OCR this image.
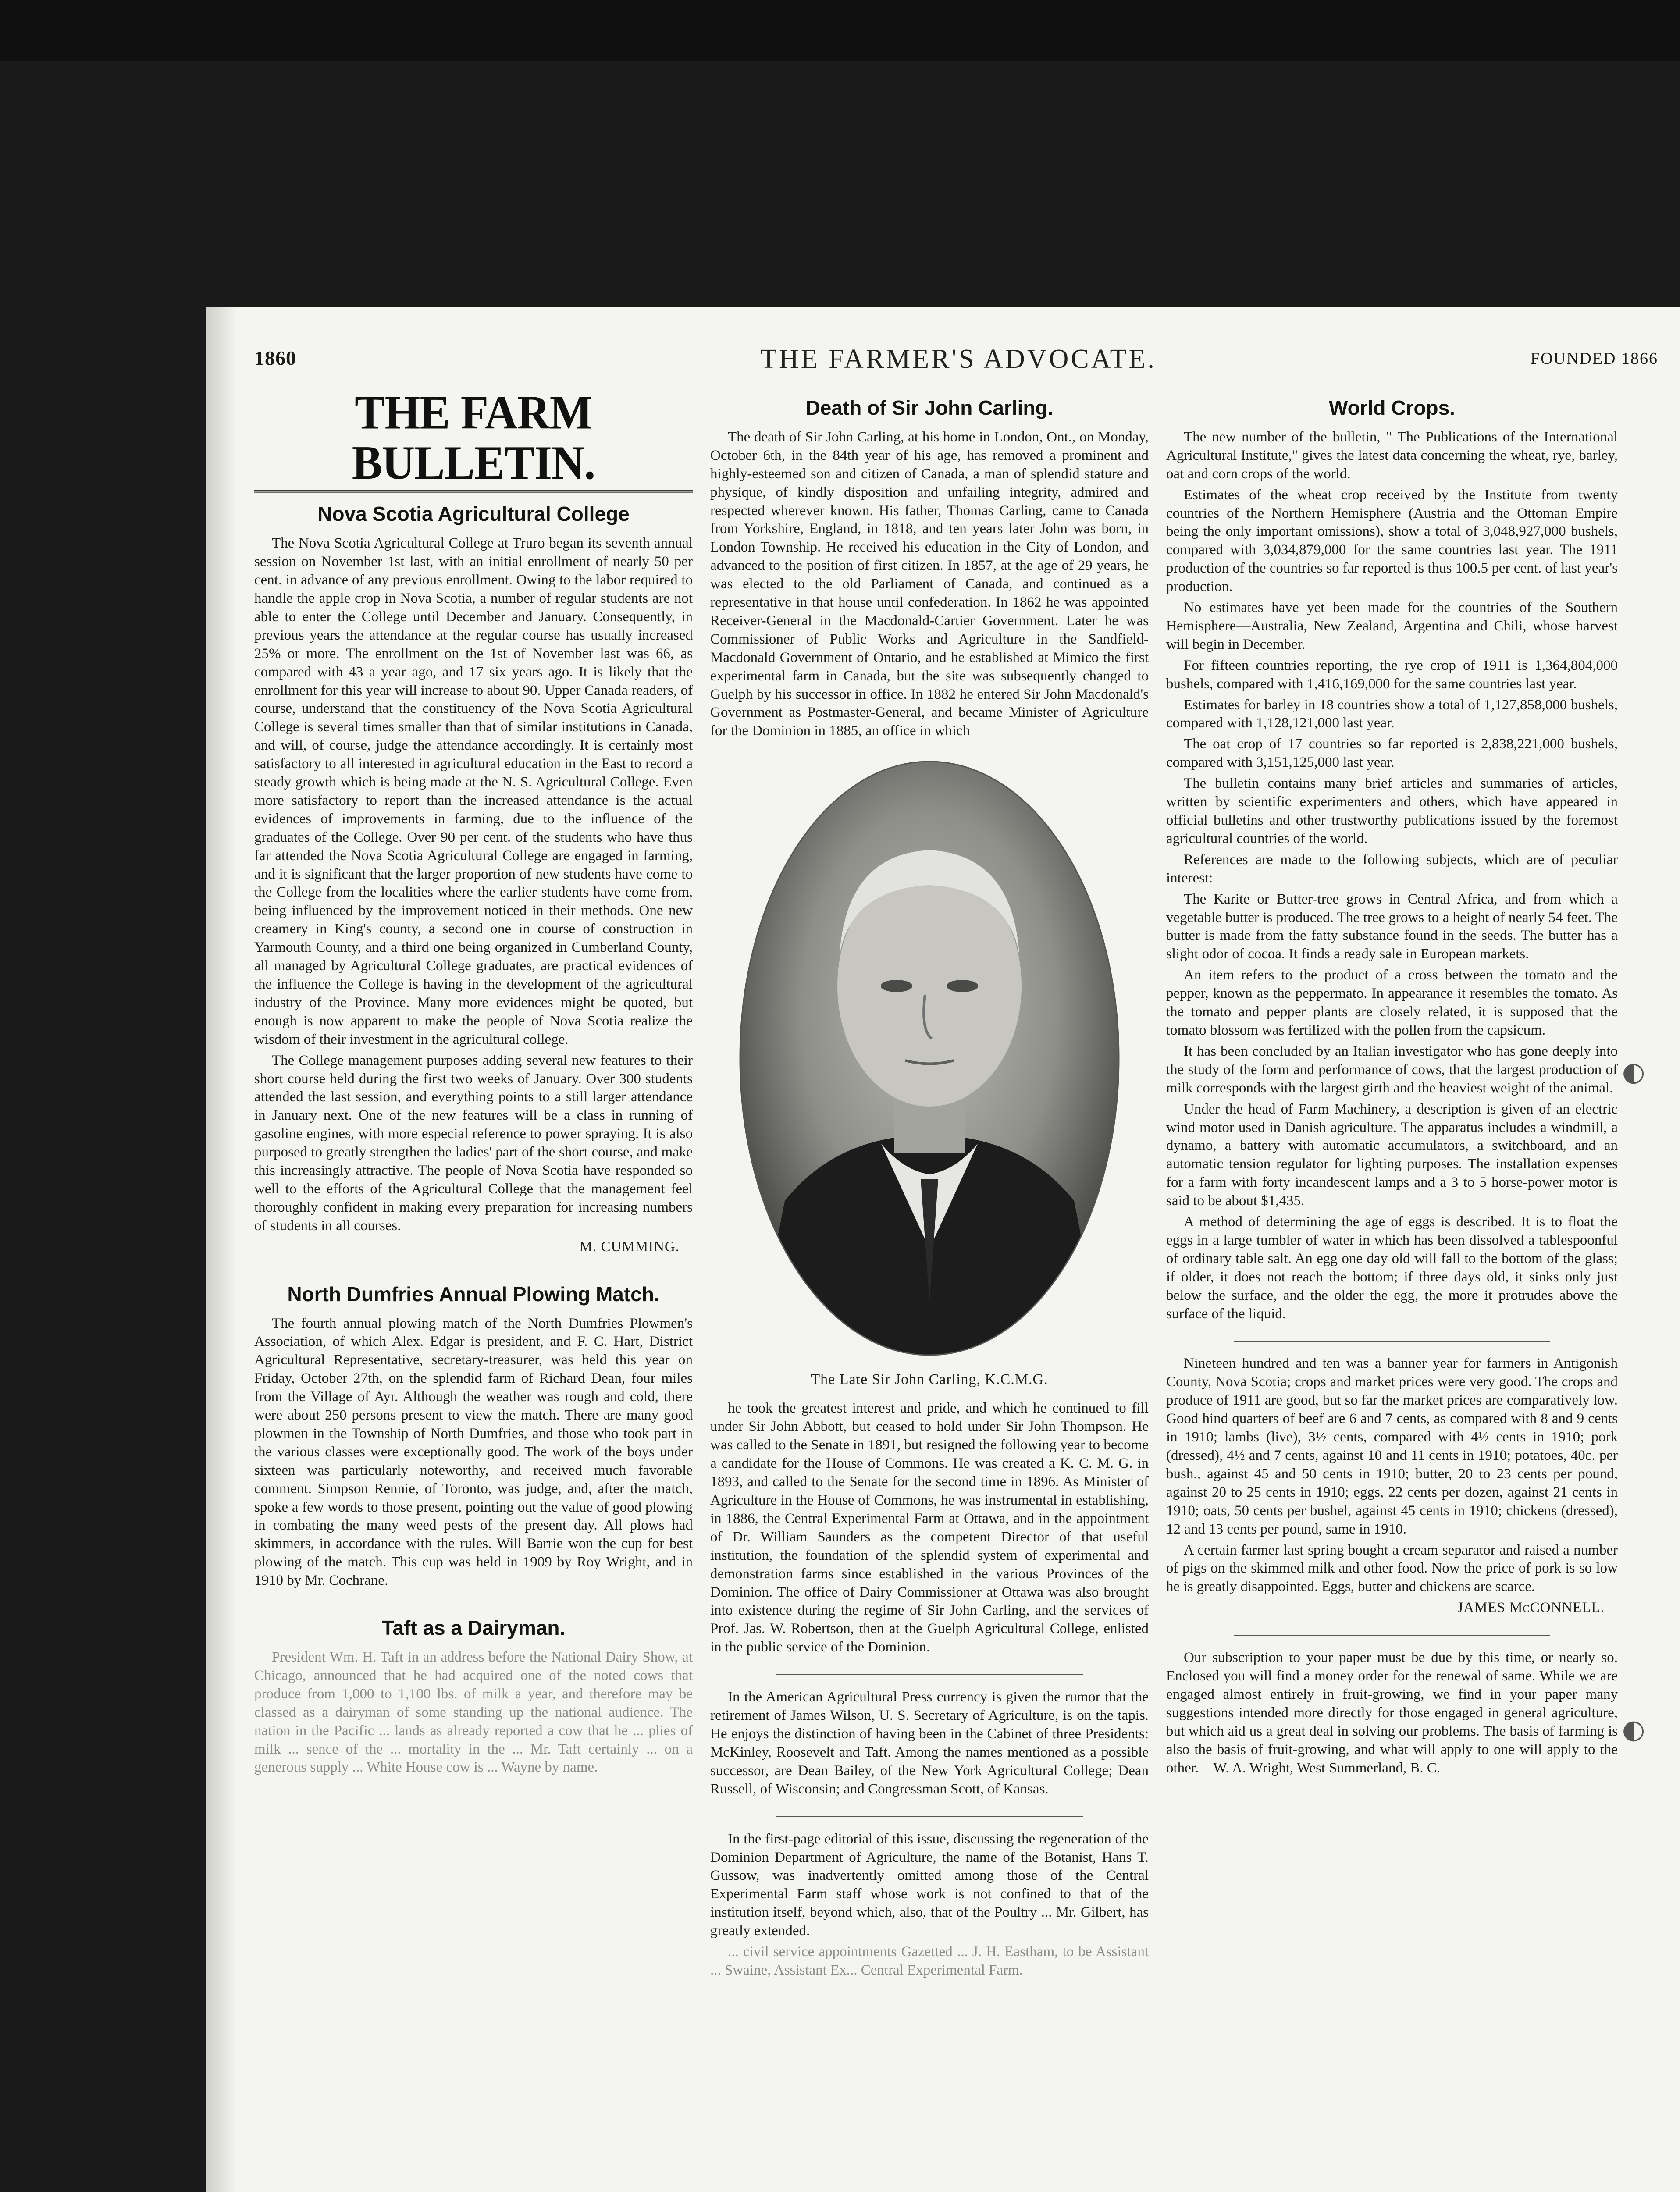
1860	THE FARMER'S ADVOCATE.	FOUNDED 1866
THE FARM BULLETIN.
Nova Scotia Agricultural College

The Nova Scotia Agricultural College at Truro began its seventh annual session on November 1st last, with an initial enrollment of nearly 50 per cent. in advance of any previous enrollment. Owing to the labor required to handle the apple crop in Nova Scotia, a number of regular students are not able to enter the College until December and January. Consequently, in previous years the attendance at the regular course has usually increased 25% or more. The enrollment on the 1st of November last was 66, as compared with 43 a year ago, and 17 six years ago. It is likely that the enrollment for this year will increase to about 90. Upper Canada readers, of course, understand that the constituency of the Nova Scotia Agricultural College is several times smaller than that of similar institutions in Canada, and will, of course, judge the attendance accordingly. It is certainly most satisfactory to all interested in agricultural education in the East to record a steady growth which is being made at the N. S. Agricultural College. Even more satisfactory to report than the increased attendance is the actual evidences of improvements in farming, due to the influence of the graduates of the College. Over 90 per cent. of the students who have thus far attended the Nova Scotia Agricultural College are engaged in farming, and it is significant that the larger proportion of new students have come to the College from the localities where the earlier students have come from, being influenced by the improvement noticed in their methods. One new creamery in King's county, a second one in course of construction in Yarmouth County, and a third one being organized in Cumberland County, all managed by Agricultural College graduates, are practical evidences of the influence the College is having in the development of the agricultural industry of the Province. Many more evidences might be quoted, but enough is now apparent to make the people of Nova Scotia realize the wisdom of their investment in the agricultural college.

The College management purposes adding several new features to their short course held during the first two weeks of January. Over 300 students attended the last session, and everything points to a still larger attendance in January next. One of the new features will be a class in running of gasoline engines, with more especial reference to power spraying. It is also purposed to greatly strengthen the ladies' part of the short course, and make this increasingly attractive. The people of Nova Scotia have responded so well to the efforts of the Agricultural College that the management feel thoroughly confident in making every preparation for increasing numbers of students in all courses.

M. CUMMING.
North Dumfries Annual Plowing Match.

The fourth annual plowing match of the North Dumfries Plowmen's Association, of which Alex. Edgar is president, and F. C. Hart, District Agricultural Representative, secretary-treasurer, was held this year on Friday, October 27th, on the splendid farm of Richard Dean, four miles from the Village of Ayr. Although the weather was rough and cold, there were about 250 persons present to view the match. There are many good plowmen in the Township of North Dumfries, and those who took part in the various classes were exceptionally good. The work of the boys under sixteen was particularly noteworthy, and received much favorable comment. Simpson Rennie, of Toronto, was judge, and, after the match, spoke a few words to those present, pointing out the value of good plowing in combating the many weed pests of the present day. All plows had skimmers, in accordance with the rules. Will Barrie won the cup for best plowing of the match. This cup was held in 1909 by Roy Wright, and in 1910 by Mr. Cochrane.

Taft as a Dairyman.

President Wm. H. Taft in an address before the National Dairy Show, at Chicago, announced that he had acquired one of the noted cows that produce from 1,000 to 1,100 lbs. of milk a year, and therefore may be classed as a dairyman of some standing up the national audience. The nation in the Pacific ... lands as already reported a cow that he ... plies of milk ... sence of the ... mortality in the ... Mr. Taft certainly ... on a generous supply ... White House cow is ... Wayne by name.

Death of Sir John Carling.

The death of Sir John Carling, at his home in London, Ont., on Monday, October 6th, in the 84th year of his age, has removed a prominent and highly-esteemed son and citizen of Canada, a man of splendid stature and physique, of kindly disposition and unfailing integrity, admired and respected wherever known. His father, Thomas Carling, came to Canada from Yorkshire, England, in 1818, and ten years later John was born, in London Township. He received his education in the City of London, and advanced to the position of first citizen. In 1857, at the age of 29 years, he was elected to the old Parliament of Canada, and continued as a representative in that house until confederation. In 1862 he was appointed Receiver-General in the Macdonald-Cartier Government. Later he was Commissioner of Public Works and Agriculture in the Sandfield-Macdonald Government of Ontario, and he established at Mimico the first experimental farm in Canada, but the site was subsequently changed to Guelph by his successor in office. In 1882 he entered Sir John Macdonald's Government as Postmaster-General, and became Minister of Agriculture for the Dominion in 1885, an office in which

The Late Sir John Carling, K.C.M.G.

he took the greatest interest and pride, and which he continued to fill under Sir John Abbott, but ceased to hold under Sir John Thompson. He was called to the Senate in 1891, but resigned the following year to become a candidate for the House of Commons. He was created a K. C. M. G. in 1893, and called to the Senate for the second time in 1896. As Minister of Agriculture in the House of Commons, he was instrumental in establishing, in 1886, the Central Experimental Farm at Ottawa, and in the appointment of Dr. William Saunders as the competent Director of that useful institution, the foundation of the splendid system of experimental and demonstration farms since established in the various Provinces of the Dominion. The office of Dairy Commissioner at Ottawa was also brought into existence during the regime of Sir John Carling, and the services of Prof. Jas. W. Robertson, then at the Guelph Agricultural College, enlisted in the public service of the Dominion.

In the American Agricultural Press currency is given the rumor that the retirement of James Wilson, U. S. Secretary of Agriculture, is on the tapis. He enjoys the distinction of having been in the Cabinet of three Presidents: McKinley, Roosevelt and Taft. Among the names mentioned as a possible successor, are Dean Bailey, of the New York Agricultural College; Dean Russell, of Wisconsin; and Congressman Scott, of Kansas.

In the first-page editorial of this issue, discussing the regeneration of the Dominion Department of Agriculture, the name of the Botanist, Hans T. Gussow, was inadvertently omitted among those of the Central Experimental Farm staff whose work is not confined to that of the institution itself, beyond which, also, that of the Poultry ... Mr. Gilbert, has greatly extended.

... civil service appointments Gazetted ... J. H. Eastham, to be Assistant ... Swaine, Assistant Ex... Central Experimental Farm.

World Crops.

The new number of the bulletin, " The Publications of the International Agricultural Institute," gives the latest data concerning the wheat, rye, barley, oat and corn crops of the world.

Estimates of the wheat crop received by the Institute from twenty countries of the Northern Hemisphere (Austria and the Ottoman Empire being the only important omissions), show a total of 3,048,927,000 bushels, compared with 3,034,879,000 for the same countries last year. The 1911 production of the countries so far reported is thus 100.5 per cent. of last year's production.

No estimates have yet been made for the countries of the Southern Hemisphere—Australia, New Zealand, Argentina and Chili, whose harvest will begin in December.

For fifteen countries reporting, the rye crop of 1911 is 1,364,804,000 bushels, compared with 1,416,169,000 for the same countries last year.

Estimates for barley in 18 countries show a total of 1,127,858,000 bushels, compared with 1,128,121,000 last year.

The oat crop of 17 countries so far reported is 2,838,221,000 bushels, compared with 3,151,125,000 last year.

The bulletin contains many brief articles and summaries of articles, written by scientific experimenters and others, which have appeared in official bulletins and other trustworthy publications issued by the foremost agricultural countries of the world.

References are made to the following subjects, which are of peculiar interest:

The Karite or Butter-tree grows in Central Africa, and from which a vegetable butter is produced. The tree grows to a height of nearly 54 feet. The butter is made from the fatty substance found in the seeds. The butter has a slight odor of cocoa. It finds a ready sale in European markets.

An item refers to the product of a cross between the tomato and the pepper, known as the peppermato. In appearance it resembles the tomato. As the tomato and pepper plants are closely related, it is supposed that the tomato blossom was fertilized with the pollen from the capsicum.

It has been concluded by an Italian investigator who has gone deeply into the study of the form and performance of cows, that the largest production of milk corresponds with the largest girth and the heaviest weight of the animal.

Under the head of Farm Machinery, a description is given of an electric wind motor used in Danish agriculture. The apparatus includes a windmill, a dynamo, a battery with automatic accumulators, a switchboard, and an automatic tension regulator for lighting purposes. The installation expenses for a farm with forty incandescent lamps and a 3 to 5 horse-power motor is said to be about $1,435.

A method of determining the age of eggs is described. It is to float the eggs in a large tumbler of water in which has been dissolved a tablespoonful of ordinary table salt. An egg one day old will fall to the bottom of the glass; if older, it does not reach the bottom; if three days old, it sinks only just below the surface, and the older the egg, the more it protrudes above the surface of the liquid.

Nineteen hundred and ten was a banner year for farmers in Antigonish County, Nova Scotia; crops and market prices were very good. The crops and produce of 1911 are good, but so far the market prices are comparatively low. Good hind quarters of beef are 6 and 7 cents, as compared with 8 and 9 cents in 1910; lambs (live), 3½ cents, compared with 4½ cents in 1910; pork (dressed), 4½ and 7 cents, against 10 and 11 cents in 1910; potatoes, 40c. per bush., against 45 and 50 cents in 1910; butter, 20 to 23 cents per pound, against 20 to 25 cents in 1910; eggs, 22 cents per dozen, against 21 cents in 1910; oats, 50 cents per bushel, against 45 cents in 1910; chickens (dressed), 12 and 13 cents per pound, same in 1910.

A certain farmer last spring bought a cream separator and raised a number of pigs on the skimmed milk and other food. Now the price of pork is so low he is greatly disappointed. Eggs, butter and chickens are scarce.

JAMES McCONNELL.

Our subscription to your paper must be due by this time, or nearly so. Enclosed you will find a money order for the renewal of same. While we are engaged almost entirely in fruit-growing, we find in your paper many suggestions intended more directly for those engaged in general agriculture, but which aid us a great deal in solving our problems. The basis of farming is also the basis of fruit-growing, and what will apply to one will apply to the other.—W. A. Wright, West Summerland, B. C.

◐
◐
